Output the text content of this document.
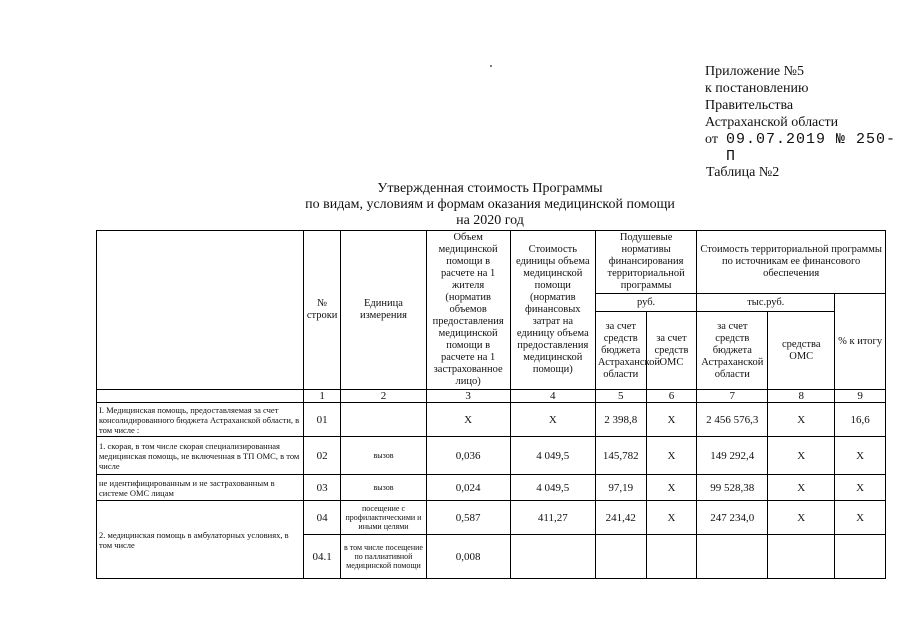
Приложение №5
к постановлению
Правительства
Астраханской области
от 09.07.2019 № 250-П
Таблица №2
Утвержденная стоимость Программы
по видам, условиям и формам оказания медицинской помощи
на 2020 год
	№ строки	Единица измерения	Объем медицинской помощи в расчете на 1 жителя (норматив объемов предоставления медицинской помощи в расчете на 1 застрахованное лицо)	Стоимость единицы объема медицинской помощи (норматив финансовых затрат на единицу объема предоставления медицинской помощи)	Подушевые нормативы финансирования территориальной программы		Стоимость территориальной программы по источникам ее финансового обеспечения		
					руб.		тыс.руб.		% к итогу
					за счет средств бюджета Астраханской области	за счет средств ОМС	за счет средств бюджета Астраханской области	средства ОМС	
	1	2	3	4	5	6	7	8	9
I. Медицинская помощь, предоставляемая за счет консолидированного бюджета Астраханской области, в том числе :	01		X	X	2 398,8	X	2 456 576,3	X	16,6
1. скорая, в том числе скорая специализированная медицинская помощь, не включенная в ТП ОМС, в том числе	02	вызов	0,036	4 049,5	145,782	X	149 292,4	X	X
не идентифицированным и не застрахованным в системе ОМС лицам	03	вызов	0,024	4 049,5	97,19	X	99 528,38	X	X
2. медицинская помощь в амбулаторных условиях, в том числе	04	посещение с профилактическими и иными целями	0,587	411,27	241,42	X	247 234,0	X	X
	04.1	в том числе посещение по паллиативной медицинской помощи	0,008						
